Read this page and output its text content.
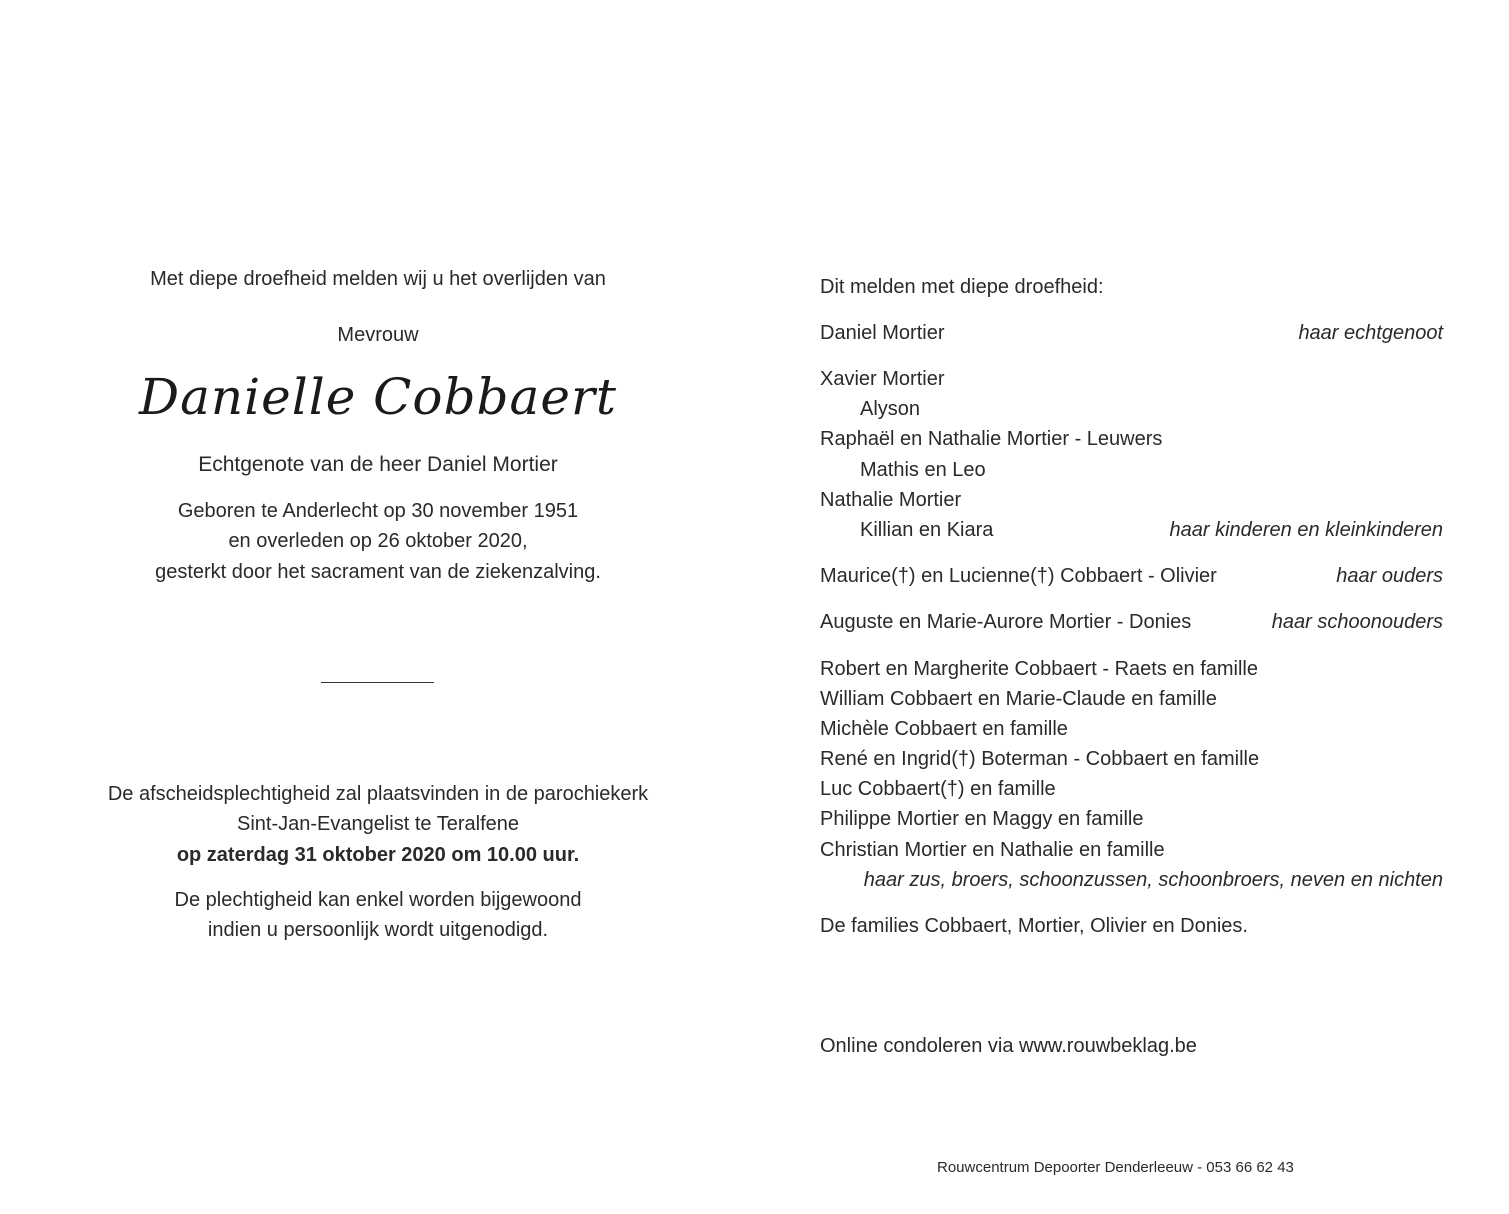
Met diepe droefheid melden wij u het overlijden van
Mevrouw
Danielle Cobbaert
Echtgenote van de heer Daniel Mortier
Geboren te Anderlecht op 30 november 1951
en overleden op 26 oktober 2020,
gesterkt door het sacrament van de ziekenzalving.
De afscheidsplechtigheid zal plaatsvinden in de parochiekerk
Sint-Jan-Evangelist te Teralfene
op zaterdag 31 oktober 2020 om 10.00 uur.
De plechtigheid kan enkel worden bijgewoond
indien u persoonlijk wordt uitgenodigd.
Dit melden met diepe droefheid:
Daniel Mortier	haar echtgenoot
Xavier Mortier
Alyson
Raphaël en Nathalie Mortier - Leuwers
Mathis en Leo
Nathalie Mortier
Killian en Kiara	haar kinderen en kleinkinderen
Maurice(†) en Lucienne(†) Cobbaert - Olivier	haar ouders
Auguste en Marie-Aurore Mortier - Donies	haar schoonouders
Robert en Margherite Cobbaert - Raets en famille
William Cobbaert en Marie-Claude en famille
Michèle Cobbaert en famille
René en Ingrid(†) Boterman - Cobbaert en famille
Luc Cobbaert(†) en famille
Philippe Mortier en Maggy en famille
Christian Mortier en Nathalie en famille
haar zus, broers, schoonzussen, schoonbroers, neven en nichten
De families Cobbaert, Mortier, Olivier en Donies.
Online condoleren via www.rouwbeklag.be
Rouwcentrum Depoorter Denderleeuw - 053 66 62 43
